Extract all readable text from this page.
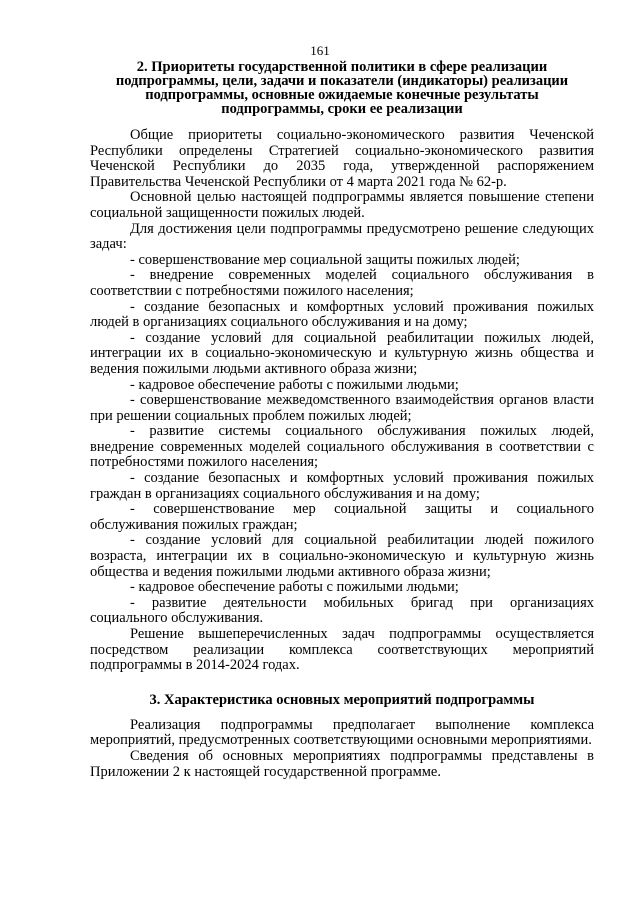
161

2. Приоритеты государственной политики в сфере реализации

подпрограммы, цели, задачи и показатели (индикаторы) реализации

подпрограммы, основные ожидаемые конечные результаты

подпрограммы, сроки ее реализации

Общие приоритеты социально-экономического развития Чеченской Республики определены Стратегией социально-экономического развития Чеченской Республики до 2035 года, утвержденной распоряжением Правительства Чеченской Республики от 4 марта 2021 года № 62-р.

Основной целью настоящей подпрограммы является повышение степени социальной защищенности пожилых людей.

Для достижения цели подпрограммы предусмотрено решение следующих задач:

- совершенствование мер социальной защиты пожилых людей;
- внедрение современных моделей социального обслуживания в соответствии с потребностями пожилого населения;
- создание безопасных и комфортных условий проживания пожилых людей в организациях социального обслуживания и на дому;
- создание условий для социальной реабилитации пожилых людей, интеграции их в социально-экономическую и культурную жизнь общества и ведения пожилыми людьми активного образа жизни;
- кадровое обеспечение работы с пожилыми людьми;
- совершенствование межведомственного взаимодействия органов власти при решении социальных проблем пожилых людей;
- развитие системы социального обслуживания пожилых людей, внедрение современных моделей социального обслуживания в соответствии с потребностями пожилого населения;
- создание безопасных и комфортных условий проживания пожилых граждан в организациях социального обслуживания и на дому;
- совершенствование мер социальной защиты и социального обслуживания пожилых граждан;
- создание условий для социальной реабилитации людей пожилого возраста, интеграции их в социально-экономическую и культурную жизнь общества и ведения пожилыми людьми активного образа жизни;
- кадровое обеспечение работы с пожилыми людьми;
- развитие деятельности мобильных бригад при организациях социального обслуживания.

Решение вышеперечисленных задач подпрограммы осуществляется посредством реализации комплекса соответствующих мероприятий подпрограммы в 2014-2024 годах.

3. Характеристика основных мероприятий подпрограммы

Реализация подпрограммы предполагает выполнение комплекса мероприятий, предусмотренных соответствующими основными мероприятиями.

Сведения об основных мероприятиях подпрограммы представлены в Приложении 2 к настоящей государственной программе.
